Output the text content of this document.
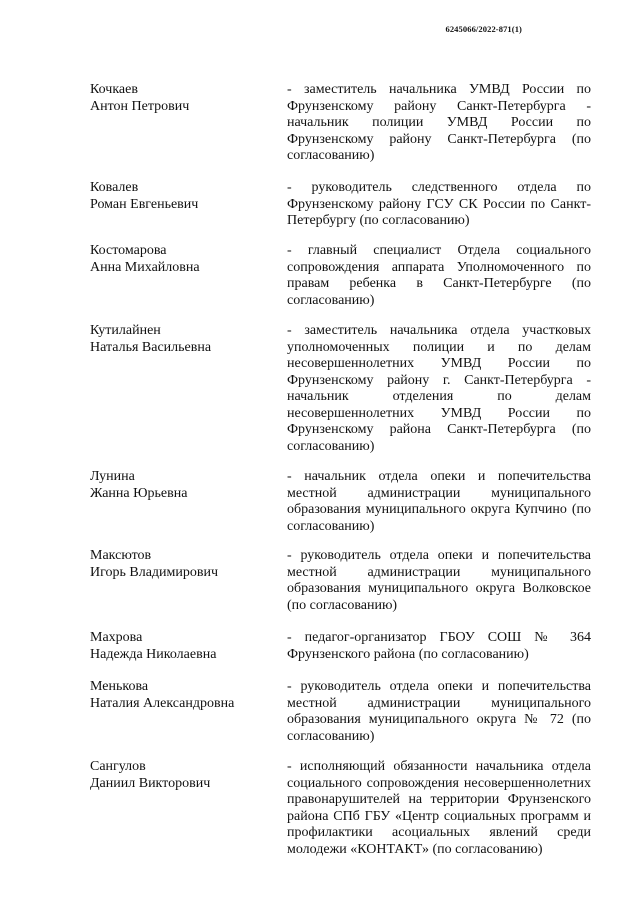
6245066/2022-871(1)
Кочкаев
Антон Петрович
- заместитель начальника УМВД России по Фрунзенскому району Санкт-Петербурга - начальник полиции УМВД России по Фрунзенскому району Санкт-Петербурга (по согласованию)
Ковалев
Роман Евгеньевич
- руководитель следственного отдела по Фрунзенскому району ГСУ СК России по Санкт-Петербургу (по согласованию)
Костомарова
Анна Михайловна
- главный специалист Отдела социального сопровождения аппарата Уполномоченного по правам ребенка в Санкт-Петербурге (по согласованию)
Кутилайнен
Наталья Васильевна
- заместитель начальника отдела участковых уполномоченных полиции и по делам несовершеннолетних УМВД России по Фрунзенскому району г. Санкт-Петербурга - начальник отделения по делам несовершеннолетних УМВД России по Фрунзенскому района Санкт-Петербурга (по согласованию)
Лунина
Жанна Юрьевна
- начальник отдела опеки и попечительства местной администрации муниципального образования муниципального округа Купчино (по согласованию)
Максютов
Игорь Владимирович
- руководитель отдела опеки и попечительства местной администрации муниципального образования муниципального округа Волковское (по согласованию)
Махрова
Надежда Николаевна
- педагог-организатор ГБОУ СОШ № 364 Фрунзенского района (по согласованию)
Менькова
Наталия Александровна
- руководитель отдела опеки и попечительства местной администрации муниципального образования муниципального округа № 72 (по согласованию)
Сангулов
Даниил Викторович
- исполняющий обязанности начальника отдела социального сопровождения несовершеннолетних правонарушителей на территории Фрунзенского района СПб ГБУ «Центр социальных программ и профилактики асоциальных явлений среди молодежи «КОНТАКТ» (по согласованию)
